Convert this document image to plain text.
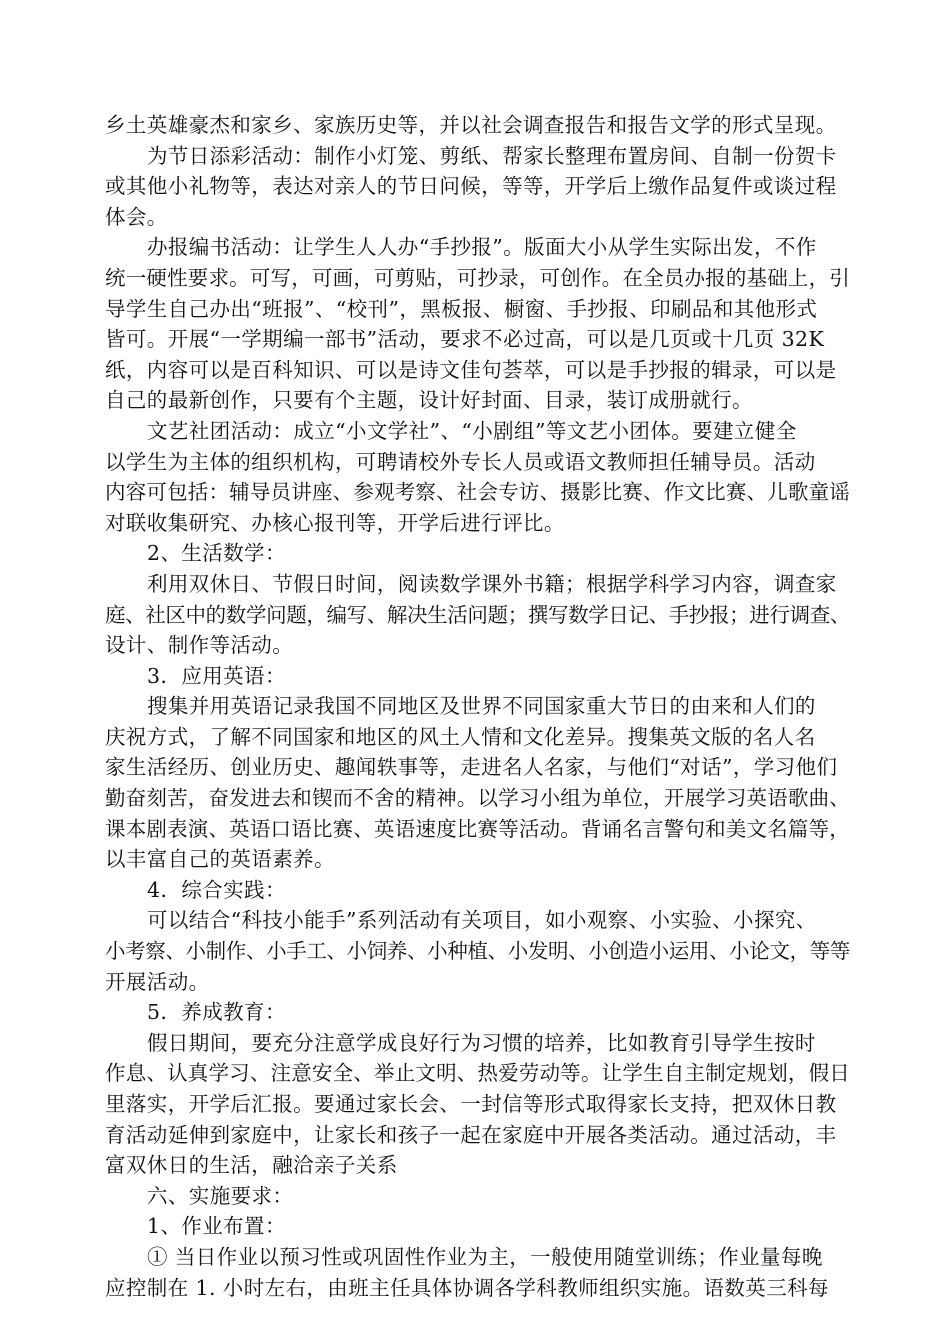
乡土英雄豪杰和家乡、家族历史等，并以社会调查报告和报告文学的形式呈现。
为节日添彩活动：制作小灯笼、剪纸、帮家长整理布置房间、自制一份贺卡
或其他小礼物等，表达对亲人的节日问候，等等，开学后上缴作品复件或谈过程
体会。
办报编书活动：让学生人人办“手抄报”。版面大小从学生实际出发，不作
统一硬性要求。可写，可画，可剪贴，可抄录，可创作。在全员办报的基础上，引
导学生自己办出“班报”、“校刊”，黑板报、橱窗、手抄报、印刷品和其他形式
皆可。开展“一学期编一部书”活动，要求不必过高，可以是几页或十几页 32K
纸，内容可以是百科知识、可以是诗文佳句荟萃，可以是手抄报的辑录，可以是
自己的最新创作，只要有个主题，设计好封面、目录，装订成册就行。
文艺社团活动：成立“小文学社”、“小剧组”等文艺小团体。要建立健全
以学生为主体的组织机构，可聘请校外专长人员或语文教师担任辅导员。活动
内容可包括：辅导员讲座、参观考察、社会专访、摄影比赛、作文比赛、儿歌童谣
对联收集研究、办核心报刊等，开学后进行评比。
2、生活数学：
利用双休日、节假日时间，阅读数学课外书籍；根据学科学习内容，调查家
庭、社区中的数学问题，编写、解决生活问题；撰写数学日记、手抄报；进行调查、
设计、制作等活动。
3．应用英语：
搜集并用英语记录我国不同地区及世界不同国家重大节日的由来和人们的
庆祝方式，了解不同国家和地区的风土人情和文化差异。搜集英文版的名人名
家生活经历、创业历史、趣闻轶事等，走进名人名家，与他们“对话”，学习他们
勤奋刻苦，奋发进去和锲而不舍的精神。以学习小组为单位，开展学习英语歌曲、
课本剧表演、英语口语比赛、英语速度比赛等活动。背诵名言警句和美文名篇等，
以丰富自己的英语素养。
4．综合实践：
可以结合“科技小能手”系列活动有关项目，如小观察、小实验、小探究、
小考察、小制作、小手工、小饲养、小种植、小发明、小创造小运用、小论文，等等
开展活动。
5．养成教育：
假日期间，要充分注意学成良好行为习惯的培养，比如教育引导学生按时
作息、认真学习、注意安全、举止文明、热爱劳动等。让学生自主制定规划，假日
里落实，开学后汇报。要通过家长会、一封信等形式取得家长支持，把双休日教
育活动延伸到家庭中，让家长和孩子一起在家庭中开展各类活动。通过活动，丰
富双休日的生活，融洽亲子关系
六、实施要求：
1、作业布置：
① 当日作业以预习性或巩固性作业为主，一般使用随堂训练；作业量每晚
应控制在 1. 小时左右，由班主任具体协调各学科教师组织实施。语数英三科每
